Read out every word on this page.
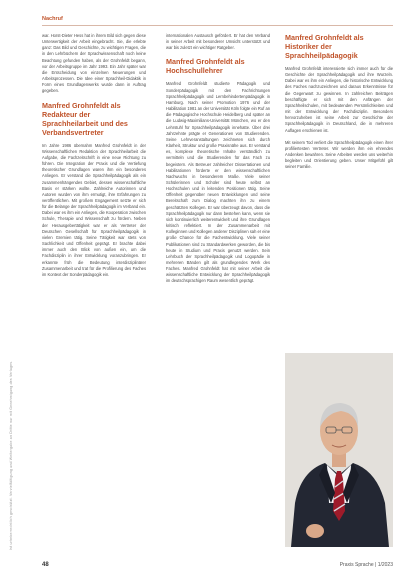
Ist urheberrechtlich geschützt. Vervielfältigung und Weitergabe an Dritte nur mit Genehmigung des Verlages.
Nachruf

war. Horst-Dieter Hess hat in ihrem Bild sich gegen diese Unterwertigkeit der Arbeit eingebracht. Sie, die erlebte ganz: Das Bild und Geschichte, zu wichtigen Fragen, die in den Lehrbüchern der Sprachwissenschaft noch keine Beachtung gefunden haben, als der Grohnfeldt begann, vor der Arbeitsgruppe im Jahr 1993. Ein Jahr später war die Entscheidung von einzelnen Neuerungen und Arbeitsprozessen. Die Idee einer Sprachheil-Didaktik in Form eines Grundlagenwerks wurde dann in Auftrag gegeben.

Manfred Grohnfeldt als Redakteur der Sprachheilarbeit und des Verbandsvertreter

Im Jahre 1986 übernahm Manfred Grohnfeldt in der Wissenschaftlichen Redaktion der Sprachheilarbeit die Aufgabe, die Fachzeitschrift in eine neue Richtung zu führen. Die Integration der Praxis und die Vertiefung theoretischer Grundlagen waren ihm ein besonderes Anliegen. Er verstand die Sprachheilpädagogik als ein zusammenhängendes Gebiet, dessen wissenschaftliche Basis er stärken wollte. Zahlreiche Autorinnen und Autoren wurden von ihm ermutigt, ihre Erfahrungen zu veröffentlichen. Mit großem Engagement setzte er sich für die Belange der Sprachheilpädagogik im Verband ein. Dabei war es ihm ein Anliegen, die Kooperation zwischen Schule, Therapie und Wissenschaft zu fördern. Neben der Herausgebertätigkeit war er als Vertreter der Deutschen Gesellschaft für Sprachheilpädagogik in vielen Gremien tätig. Seine Tätigkeit war stets von Sachlichkeit und Offenheit geprägt. Er brachte dabei immer auch den Blick von außen ein, um die Fachdisziplin in ihrer Entwicklung voranzubringen. Er erkannte früh die Bedeutung interdisziplinärer Zusammenarbeit und trat für die Profilierung des Faches im Kontext der Sonderpädagogik ein.

internationalen Austausch gefördert. Er hat den Verband in seiner Arbeit mit besonderer Umsicht unterstützt und war bis zuletzt ein wichtiger Ratgeber.

Manfred Grohnfeldt als Hochschullehrer

Manfred Grohnfeldt studierte Pädagogik und Sonderpädagogik mit den Fachrichtungen Sprachheilpädagogik und Lernbehindertenpädagogik in Hamburg. Nach seiner Promotion 1976 und der Habilitation 1981 an der Universität Köln folgte ein Ruf an die Pädagogische Hochschule Heidelberg und später an die Ludwig-Maximilians-Universität München, wo er den Lehrstuhl für Sprachheilpädagogik innehatte. Über drei Jahrzehnte prägte er Generationen von Studierenden. Seine Lehrveranstaltungen zeichneten sich durch Klarheit, Struktur und große Praxisnähe aus. Er verstand es, komplexe theoretische Inhalte verständlich zu vermitteln und die Studierenden für das Fach zu begeistern. Als Betreuer zahlreicher Dissertationen und Habilitationen förderte er den wissenschaftlichen Nachwuchs in besonderem Maße. Viele seiner Schülerinnen und Schüler sind heute selbst an Hochschulen und in leitenden Positionen tätig. Seine Offenheit gegenüber neuen Entwicklungen und seine Bereitschaft zum Dialog machten ihn zu einem geschätzten Kollegen. Er war überzeugt davon, dass die Sprachheilpädagogik nur dann bestehen kann, wenn sie sich kontinuierlich weiterentwickelt und ihre Grundlagen kritisch reflektiert. In der Zusammenarbeit mit Kolleginnen und Kollegen anderer Disziplinen sah er eine große Chance für die Fachentwicklung. Viele seiner Publikationen sind zu Standardwerken geworden, die bis heute in Studium und Praxis genutzt werden. Sein Lehrbuch der Sprachheilpädagogik und Logopädie in mehreren Bänden gilt als grundlegendes Werk des Faches. Manfred Grohnfeldt hat mit seiner Arbeit die wissenschaftliche Entwicklung der Sprachheilpädagogik im deutschsprachigen Raum wesentlich geprägt.

Manfred Grohnfeldt als Historiker der Sprachheilpädagogik

Manfred Grohnfeldt interessierte sich immer auch für die Geschichte der Sprachheilpädagogik und ihre Wurzeln. Dabei war es ihm ein Anliegen, die historische Entwicklung des Faches nachzuzeichnen und daraus Erkenntnisse für die Gegenwart zu gewinnen. In zahlreichen Beiträgen beschäftigte er sich mit den Anfängen der Sprachheilschulen, mit bedeutenden Persönlichkeiten und mit der Entwicklung der Fachdisziplin. Besonders hervorzuheben ist seine Arbeit zur Geschichte der Sprachheilpädagogik in Deutschland, die in mehreren Auflagen erschienen ist.

Mit seinem Tod verliert die Sprachheilpädagogik einen ihrer profiliertesten Vertreter. Wir werden ihm ein ehrendes Andenken bewahren. Seine Arbeiten werden uns weiterhin begleiten und Orientierung geben. Unser Mitgefühl gilt seiner Familie.

48	Praxis Sprache | 1/2023
